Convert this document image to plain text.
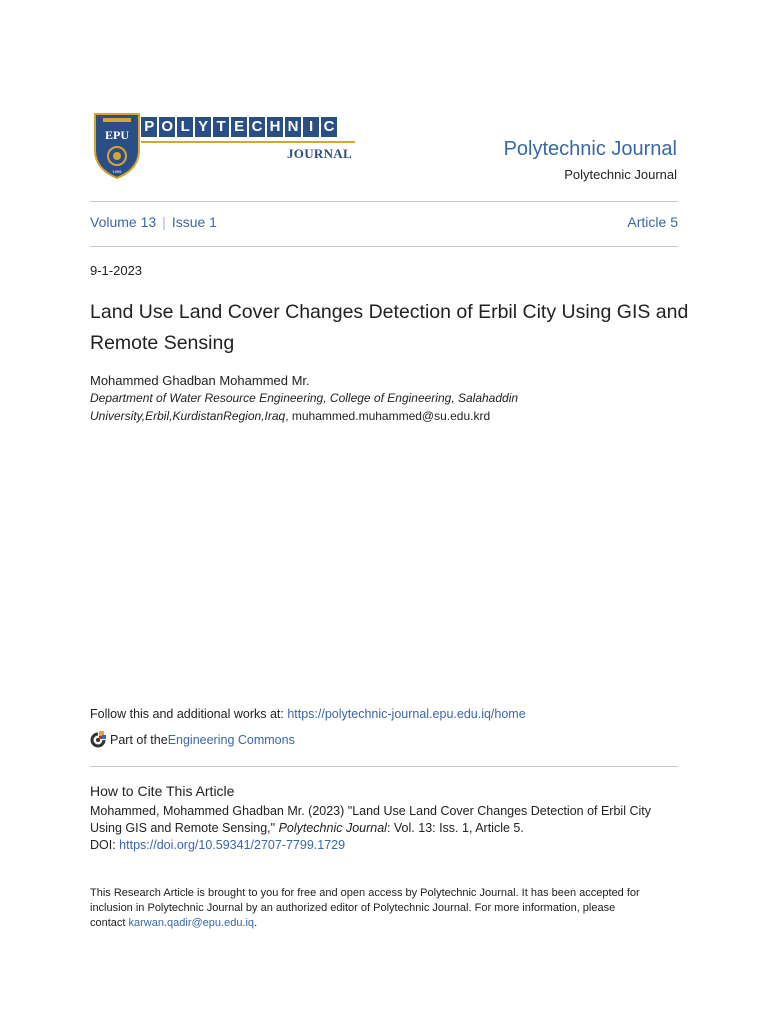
EPU
1996
P O L Y T E C H N I C
JOURNAL	Polytechnic Journal
Polytechnic Journal
Volume 13 | Issue 1	Article 5
9-1-2023
Land Use Land Cover Changes Detection of Erbil City Using GIS and Remote Sensing
Mohammed Ghadban Mohammed Mr.
Department of Water Resource Engineering, College of Engineering, Salahaddin
University,Erbil,KurdistanRegion,Iraq, muhammed.muhammed@su.edu.krd
Follow this and additional works at: https://polytechnic-journal.epu.edu.iq/home
Part of the Engineering Commons
How to Cite This Article
Mohammed, Mohammed Ghadban Mr. (2023) "Land Use Land Cover Changes Detection of Erbil City
Using GIS and Remote Sensing," Polytechnic Journal: Vol. 13: Iss. 1, Article 5.
DOI: https://doi.org/10.59341/2707-7799.1729
This Research Article is brought to you for free and open access by Polytechnic Journal. It has been accepted for
inclusion in Polytechnic Journal by an authorized editor of Polytechnic Journal. For more information, please
contact karwan.qadir@epu.edu.iq.
